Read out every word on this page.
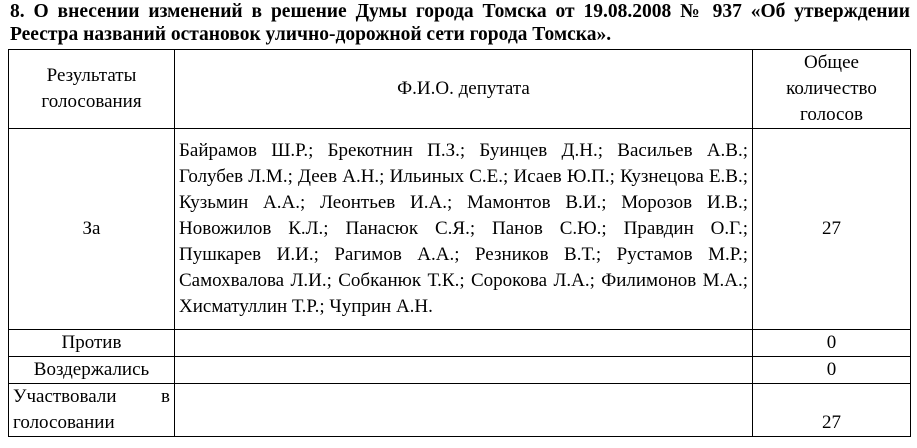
8. О внесении изменений в решение Думы города Томска от 19.08.2008 № 937 «Об утверждении Реестра названий остановок улично-дорожной сети города Томска».
Результаты голосования	Ф.И.О. депутата	Общее количество голосов
За	Байрамов Ш.Р.; Брекотнин П.З.; Буинцев Д.Н.; Васильев А.В.; Голубев Л.М.; Деев А.Н.; Ильиных С.Е.; Исаев Ю.П.; Кузнецова Е.В.; Кузьмин А.А.; Леонтьев И.А.; Мамонтов В.И.; Морозов И.В.; Новожилов К.Л.; Панасюк С.Я.; Панов С.Ю.; Правдин О.Г.; Пушкарев И.И.; Рагимов А.А.; Резников В.Т.; Рустамов М.Р.; Самохвалова Л.И.; Собканюк Т.К.; Сорокова Л.А.; Филимонов М.А.; Хисматуллин Т.Р.; Чуприн А.Н.	27
Против		0
Воздержались		0
Участвовали в голосовании		27
